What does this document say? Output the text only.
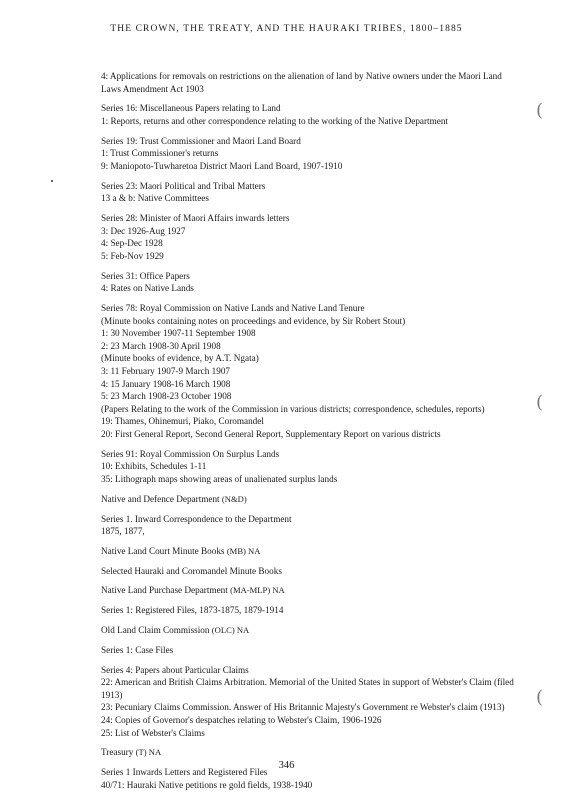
THE CROWN, THE TREATY, AND THE HAURAKI TRIBES, 1800–1885
(
(
(
4: Applications for removals on restrictions on the alienation of land by Native owners under the Maori Land Laws Amendment Act 1903
Series 16: Miscellaneous Papers relating to Land
1: Reports, returns and other correspondence relating to the working of the Native Department
Series 19: Trust Commissioner and Maori Land Board
1: Trust Commissioner's returns
9: Maniopoto-Tuwharetoa District Maori Land Board, 1907-1910
Series 23: Maori Political and Tribal Matters
13 a & b: Native Committees
Series 28: Minister of Maori Affairs inwards letters
3: Dec 1926-Aug 1927
4: Sep-Dec 1928
5: Feb-Nov 1929
Series 31: Office Papers
4: Rates on Native Lands
Series 78: Royal Commission on Native Lands and Native Land Tenure
(Minute books containing notes on proceedings and evidence, by Sir Robert Stout)
1: 30 November 1907-11 September 1908
2: 23 March 1908-30 April 1908
(Minute books of evidence, by A.T. Ngata)
3: 11 February 1907-9 March 1907
4: 15 January 1908-16 March 1908
5: 23 March 1908-23 October 1908
(Papers Relating to the work of the Commission in various districts; correspondence, schedules, reports)
19: Thames, Ohinemuri, Piako, Coromandel
20: First General Report, Second General Report, Supplementary Report on various districts
Series 91: Royal Commission On Surplus Lands
10: Exhibits, Schedules 1-11
35: Lithograph maps showing areas of unalienated surplus lands
Native and Defence Department (N&D)
Series 1. Inward Correspondence to the Department
1875, 1877,
Native Land Court Minute Books (MB) NA
Selected Hauraki and Coromandel Minute Books
Native Land Purchase Department (MA-MLP) NA
Series 1: Registered Files, 1873-1875, 1879-1914
Old Land Claim Commission (OLC) NA
Series 1: Case Files
Series 4: Papers about Particular Claims
22: American and British Claims Arbitration. Memorial of the United States in support of Webster's Claim (filed 1913)
23: Pecuniary Claims Commission. Answer of His Britannic Majesty's Government re Webster's claim (1913)
24: Copies of Governor's despatches relating to Webster's Claim, 1906-1926
25: List of Webster's Claims
Treasury (T) NA
Series 1 Inwards Letters and Registered Files
40/71: Hauraki Native petitions re gold fields, 1938-1940
346
